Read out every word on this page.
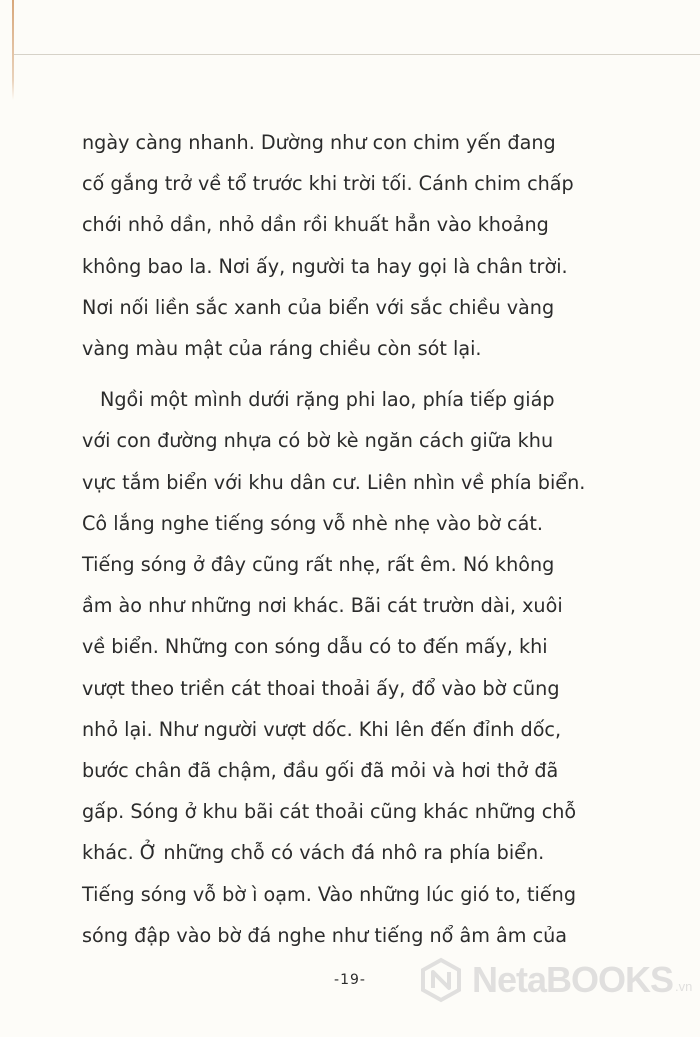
ngày càng nhanh. Dường như con chim yến đang
cố gắng trở về tổ trước khi trời tối. Cánh chim chấp
chới nhỏ dần, nhỏ dần rồi khuất hẳn vào khoảng
không bao la. Nơi ấy, người ta hay gọi là chân trời.
Nơi nối liền sắc xanh của biển với sắc chiều vàng
vàng màu mật của ráng chiều còn sót lại.
Ngồi một mình dưới rặng phi lao, phía tiếp giáp
với con đường nhựa có bờ kè ngăn cách giữa khu
vực tắm biển với khu dân cư. Liên nhìn về phía biển.
Cô lắng nghe tiếng sóng vỗ nhè nhẹ vào bờ cát.
Tiếng sóng ở đây cũng rất nhẹ, rất êm. Nó không
ầm ào như những nơi khác. Bãi cát trườn dài, xuôi
về biển. Những con sóng dẫu có to đến mấy, khi
vượt theo triền cát thoai thoải ấy, đổ vào bờ cũng
nhỏ lại. Như người vượt dốc. Khi lên đến đỉnh dốc,
bước chân đã chậm, đầu gối đã mỏi và hơi thở đã
gấp. Sóng ở khu bãi cát thoải cũng khác những chỗ
khác. Ở những chỗ có vách đá nhô ra phía biển.
Tiếng sóng vỗ bờ ì oạm. Vào những lúc gió to, tiếng
sóng đập vào bờ đá nghe như tiếng nổ âm âm của
-19-	NetaBOOKS .vn
